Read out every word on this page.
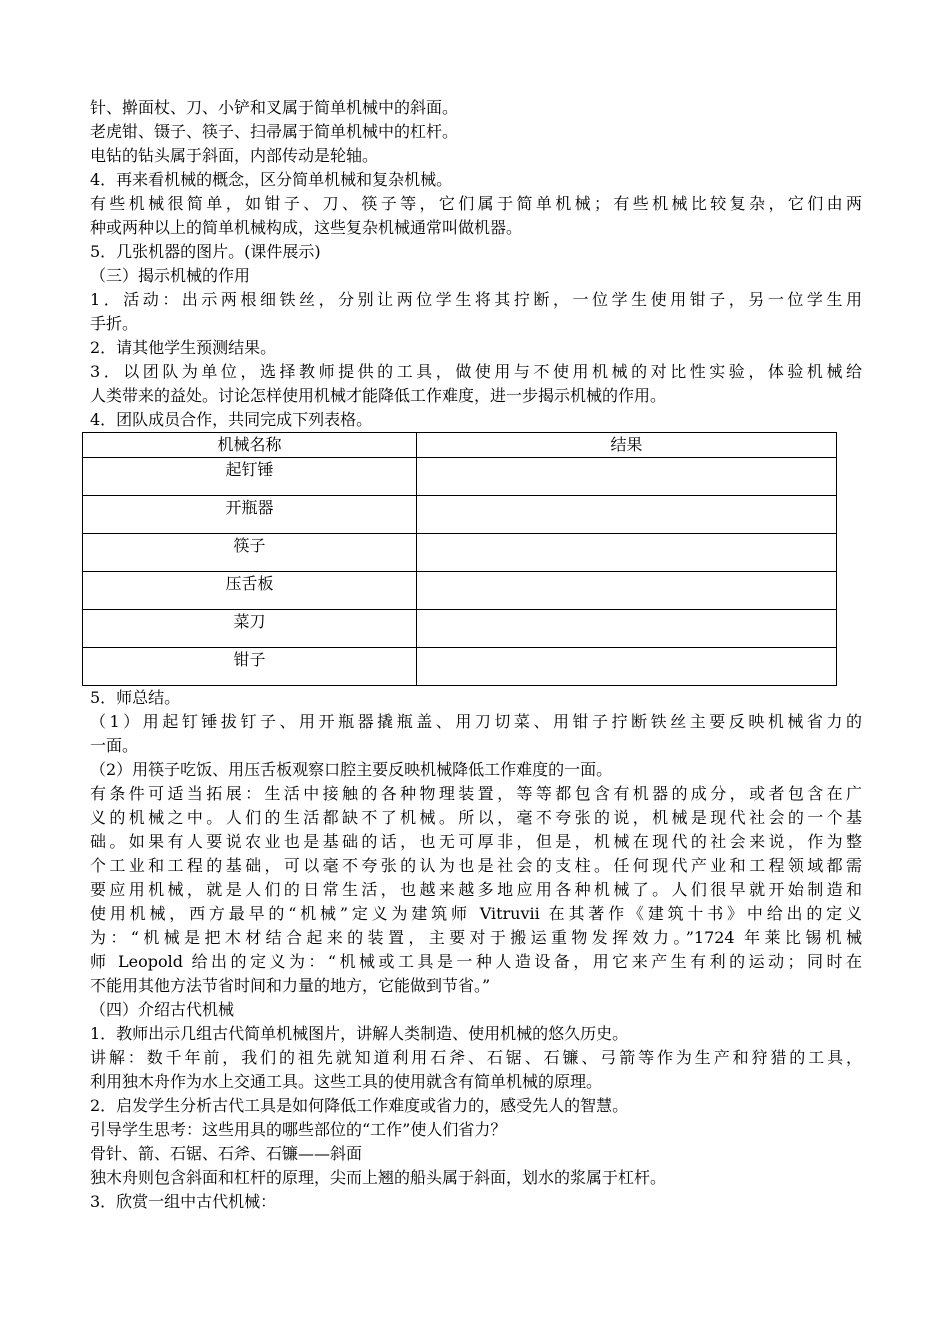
针、擀面杖、刀、小铲和叉属于简单机械中的斜面。
老虎钳、镊子、筷子、扫帚属于简单机械中的杠杆。
电钻的钻头属于斜面，内部传动是轮轴。
4．再来看机械的概念，区分简单机械和复杂机械。
有些机械很简单，如钳子、刀、筷子等，它们属于简单机械；有些机械比较复杂，它们由两
种或两种以上的简单机械构成，这些复杂机械通常叫做机器。
5．几张机器的图片。(课件展示)
（三）揭示机械的作用
1．活动：出示两根细铁丝，分别让两位学生将其拧断，一位学生使用钳子，另一位学生用
手折。
2．请其他学生预测结果。
3．以团队为单位，选择教师提供的工具，做使用与不使用机械的对比性实验，体验机械给
人类带来的益处。讨论怎样使用机械才能降低工作难度，进一步揭示机械的作用。
4．团队成员合作，共同完成下列表格。
机械名称	结果
起钉锤	
开瓶器	
筷子	
压舌板	
菜刀	
钳子	
5．师总结。
（1）用起钉锤拔钉子、用开瓶器撬瓶盖、用刀切菜、用钳子拧断铁丝主要反映机械省力的
一面。
（2）用筷子吃饭、用压舌板观察口腔主要反映机械降低工作难度的一面。
有条件可适当拓展：生活中接触的各种物理装置，等等都包含有机器的成分，或者包含在广
义的机械之中。人们的生活都缺不了机械。所以，毫不夸张的说，机械是现代社会的一个基
础。如果有人要说农业也是基础的话，也无可厚非，但是，机械在现代的社会来说，作为整
个工业和工程的基础，可以毫不夸张的认为也是社会的支柱。任何现代产业和工程领域都需
要应用机械，就是人们的日常生活，也越来越多地应用各种机械了。人们很早就开始制造和
使用机械，西方最早的“机械”定义为建筑师 Vitruvii 在其著作《建筑十书》中给出的定义
为：“机械是把木材结合起来的装置，主要对于搬运重物发挥效力。”1724 年莱比锡机械
师 Leopold 给出的定义为：“机械或工具是一种人造设备，用它来产生有利的运动；同时在
不能用其他方法节省时间和力量的地方，它能做到节省。”
（四）介绍古代机械
1．教师出示几组古代简单机械图片，讲解人类制造、使用机械的悠久历史。
讲解：数千年前，我们的祖先就知道利用石斧、石锯、石镰、弓箭等作为生产和狩猎的工具，
利用独木舟作为水上交通工具。这些工具的使用就含有简单机械的原理。
2．启发学生分析古代工具是如何降低工作难度或省力的，感受先人的智慧。
引导学生思考：这些用具的哪些部位的“工作”使人们省力？
骨针、箭、石锯、石斧、石镰——斜面
独木舟则包含斜面和杠杆的原理，尖而上翘的船头属于斜面，划水的浆属于杠杆。
3．欣赏一组中古代机械：
